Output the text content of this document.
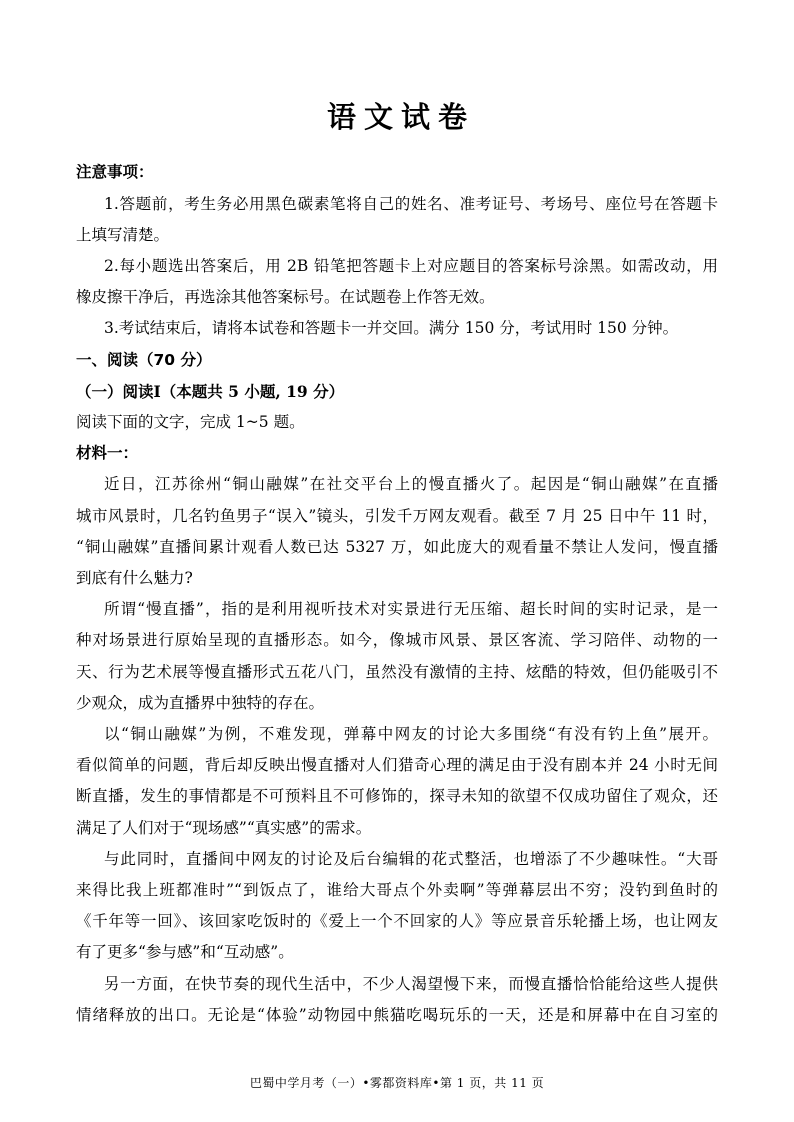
语文试卷
注意事项：
1.答题前，考生务必用黑色碳素笔将自己的姓名、准考证号、考场号、座位号在答题卡
上填写清楚。
2.每小题选出答案后，用 2B 铅笔把答题卡上对应题目的答案标号涂黑。如需改动，用
橡皮擦干净后，再选涂其他答案标号。在试题卷上作答无效。
3.考试结束后，请将本试卷和答题卡一并交回。满分 150 分，考试用时 150 分钟。
一、阅读（70 分）
（一）阅读Ⅰ（本题共 5 小题, 19 分）
阅读下面的文字，完成 1~5 题。
材料一：
近日，江苏徐州“铜山融媒”在社交平台上的慢直播火了。起因是“铜山融媒”在直播
城市风景时，几名钓鱼男子“误入”镜头，引发千万网友观看。截至 7 月 25 日中午 11 时，
“铜山融媒”直播间累计观看人数已达 5327 万，如此庞大的观看量不禁让人发问，慢直播
到底有什么魅力?
所谓“慢直播”，指的是利用视听技术对实景进行无压缩、超长时间的实时记录，是一
种对场景进行原始呈现的直播形态。如今，像城市风景、景区客流、学习陪伴、动物的一
天、行为艺术展等慢直播形式五花八门，虽然没有激情的主持、炫酷的特效，但仍能吸引不
少观众，成为直播界中独特的存在。
以“铜山融媒”为例，不难发现，弹幕中网友的讨论大多围绕“有没有钓上鱼”展开。
看似简单的问题，背后却反映出慢直播对人们猎奇心理的满足由于没有剧本并 24 小时无间
断直播，发生的事情都是不可预料且不可修饰的，探寻未知的欲望不仅成功留住了观众，还
满足了人们对于“现场感”“真实感”的需求。
与此同时，直播间中网友的讨论及后台编辑的花式整活，也增添了不少趣味性。“大哥
来得比我上班都准时”“到饭点了，谁给大哥点个外卖啊”等弹幕层出不穷；没钓到鱼时的
《千年等一回》、该回家吃饭时的《爱上一个不回家的人》等应景音乐轮播上场，也让网友
有了更多“参与感”和“互动感”。
另一方面，在快节奏的现代生活中，不少人渴望慢下来，而慢直播恰恰能给这些人提供
情绪释放的出口。无论是“体验”动物园中熊猫吃喝玩乐的一天，还是和屏幕中在自习室的
巴蜀中学月考（一）•雾都资料库•第 1 页，共 11 页
